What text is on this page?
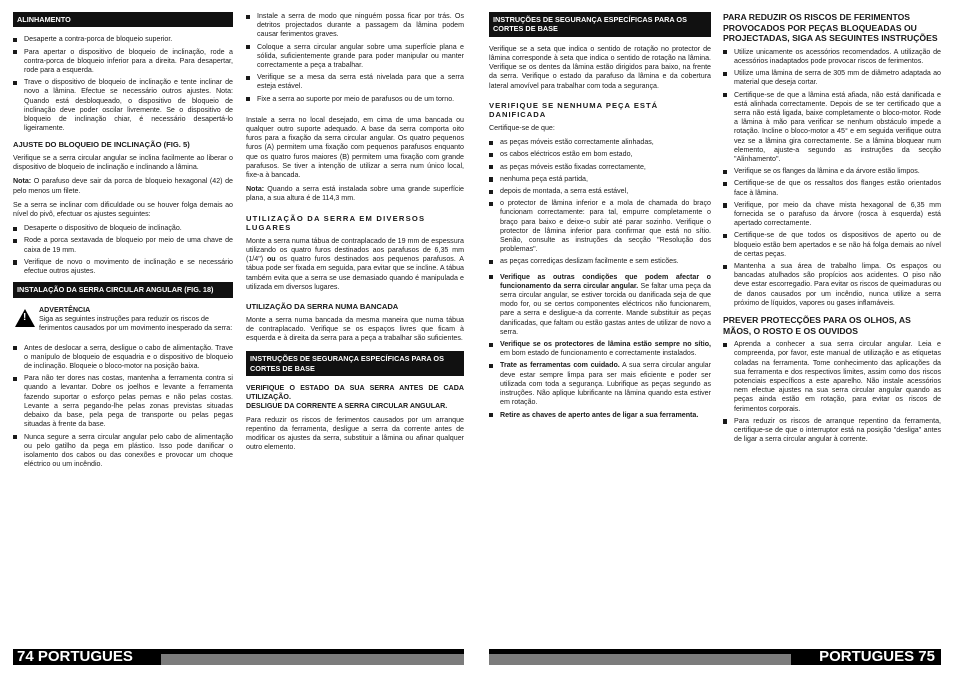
ALINHAMENTO
Desaperte a contra-porca de bloqueio superior.
Para apertar o dispositivo de bloqueio de inclinação, rode a contra-porca de bloqueio inferior para a direita. Para desapertar, rode para a esquerda.
Trave o dispositivo de bloqueio de inclinação e tente inclinar de novo a lâmina. Efectue se necessário outros ajustes. Nota: Quando está desbloqueado, o dispositivo de bloqueio de inclinação deve poder oscilar livremente. Se o dispositivo de bloqueio de inclinação chiar, é necessário desapertá-lo ligeiramente.
AJUSTE DO BLOQUEIO DE INCLINAÇÃO (FIG. 5)

Verifique se a serra circular angular se inclina facilmente ao liberar o dispositivo de bloqueio de inclinação e inclinando a lâmina.

Nota: O parafuso deve sair da porca de bloqueio hexagonal (42) de pelo menos um filete.

Se a serra se inclinar com dificuldade ou se houver folga demais ao nível do pivô, efectuar os ajustes seguintes:

Desaperte o dispositivo de bloqueio de inclinação.
Rode a porca sextavada de bloqueio por meio de uma chave de caixa de 19 mm.
Verifique de novo o movimento de inclinação e se necessário efectue outros ajustes.
INSTALAÇÃO DA SERRA CIRCULAR ANGULAR (FIG. 18)
!
ADVERTÊNCIA
Siga as seguintes instruções para reduzir os riscos de ferimentos causados por um movimento inesperado da serra:
Antes de deslocar a serra, desligue o cabo de alimentação. Trave o manípulo de bloqueio de esquadria e o dispositivo de bloqueio de inclinação. Bloqueie o bloco-motor na posição baixa.
Para não ter dores nas costas, mantenha a ferramenta contra si quando a levantar. Dobre os joelhos e levante a ferramenta fazendo suportar o esforço pelas pernas e não pelas costas. Levante a serra pegando-lhe pelas zonas previstas situadas debaixo da base, pela pega de transporte ou pelas pegas situadas à frente da base.
Nunca segure a serra circular angular pelo cabo de alimentação ou pelo gatilho da pega em plástico. Isso pode danificar o isolamento dos cabos ou das conexões e provocar um choque eléctrico ou um incêndio.
Instale a serra de modo que ninguém possa ficar por trás. Os detritos projectados durante a passagem da lâmina podem causar ferimentos graves.
Coloque a serra circular angular sobre uma superfície plana e sólida, suficientemente grande para poder manipular ou manter correctamente a peça a trabalhar.
Verifique se a mesa da serra está nivelada para que a serra esteja estável.
Fixe a serra ao suporte por meio de parafusos ou de um torno.

Instale a serra no local desejado, em cima de uma bancada ou qualquer outro suporte adequado. A base da serra comporta oito furos para a fixação da serra circular angular. Os quatro pequenos furos (A) permitem uma fixação com pequenos parafusos enquanto que os quatro furos maiores (B) permitem uma fixação com grande parafusos. Se tiver a intenção de utilizar a serra num único local, fixe-a à bancada.

Nota: Quando a serra está instalada sobre uma grande superfície plana, a sua altura é de 114,3 mm.

UTILIZAÇÃO DA SERRA EM DIVERSOS LUGARES

Monte a serra numa tábua de contraplacado de 19 mm de espessura utilizando os quatro furos destinados aos parafusos de 6,35 mm (1/4") ou os quatro furos destinados aos pequenos parafusos. A tábua pode ser fixada em seguida, para evitar que se incline. A tábua também evita que a serra se use demasiado quando é manipulada e utilizada em diversos lugares.

UTILIZAÇÃO DA SERRA NUMA BANCADA

Monte a serra numa bancada da mesma maneira que numa tábua de contraplacado. Verifique se os espaços livres que ficam à esquerda e à direita da serra para a peça a trabalhar são suficientes.

INSTRUÇÕES DE SEGURANÇA ESPECÍFICAS PARA OS CORTES DE BASE

VERIFIQUE O ESTADO DA SUA SERRA ANTES DE CADA UTILIZAÇÃO.
DESLIGUE DA CORRENTE A SERRA CIRCULAR ANGULAR.

Para reduzir os riscos de ferimentos causados por um arranque repentino da ferramenta, desligue a serra da corrente antes de modificar os ajustes da serra, substituir a lâmina ou afinar qualquer outro elemento.

INSTRUÇÕES DE SEGURANÇA ESPECÍFICAS PARA OS CORTES DE BASE

Verifique se a seta que indica o sentido de rotação no protector de lâmina corresponde à seta que indica o sentido de rotação na lâmina. Verifique se os dentes da lâmina estão dirigidos para baixo, na frente da serra. Verifique o estado da parafuso da lâmina e da cobertura lateral amovível para trabalhar com toda a segurança.

VERIFIQUE SE NENHUMA PEÇA ESTÁ DANIFICADA

Certifique-se de que:

as peças móveis estão correctamente alinhadas,
os cabos eléctricos estão em bom estado,
as peças móveis estão fixadas correctamente,
nenhuma peça está partida,
depois de montada, a serra está estável,
o protector de lâmina inferior e a mola de chamada do braço funcionam correctamente: para tal, empurre completamente o braço para baixo e deixe-o subir até parar sozinho. Verifique o protector de lâmina inferior para confirmar que está no sítio. Senão, consulte as instruções da secção "Resolução dos problemas".
as peças corrediças deslizam facilmente e sem esticões.
Verifique as outras condições que podem afectar o funcionamento da serra circular angular. Se faltar uma peça da serra circular angular, se estiver torcida ou danificada seja de que modo for, ou se certos componentes eléctricos não funcionarem, pare a serra e desligue-a da corrente. Mande substituir as peças danificadas, que faltam ou estão gastas antes de utilizar de novo a serra.
Verifique se os protectores de lâmina estão sempre no sítio, em bom estado de funcionamento e correctamente instalados.
Trate as ferramentas com cuidado. A sua serra circular angular deve estar sempre limpa para ser mais eficiente e poder ser utilizada com toda a segurança. Lubrifique as peças segundo as instruções. Não aplique lubrificante na lâmina quando esta estiver em rotação.
Retire as chaves de aperto antes de ligar a sua ferramenta.
PARA REDUZIR OS RISCOS DE FERIMENTOS PROVOCADOS POR PEÇAS BLOQUEADAS OU PROJECTADAS, SIGA AS SEGUINTES INSTRUÇÕES
Utilize unicamente os acessórios recomendados. A utilização de acessórios inadaptados pode provocar riscos de ferimentos.
Utilize uma lâmina de serra de 305 mm de diâmetro adaptada ao material que deseja cortar.
Certifique-se de que a lâmina está afiada, não está danificada e está alinhada correctamente. Depois de se ter certificado que a serra não está ligada, baixe completamente o bloco-motor. Rode a lâmina à mão para verificar se nenhum obstáculo impede a rotação. Incline o bloco-motor a 45° e em seguida verifique outra vez se a lâmina gira correctamente. Se a lâmina bloquear num elemento, ajuste-a segundo as instruções da secção "Alinhamento".
Verifique se os flanges da lâmina e da árvore estão limpos.
Certifique-se de que os ressaltos dos flanges estão orientados face à lâmina.
Verifique, por meio da chave mista hexagonal de 6,35 mm fornecida se o parafuso da árvore (rosca à esquerda) está apertado correctamente.
Certifique-se de que todos os dispositivos de aperto ou de bloqueio estão bem apertados e se não há folga demais ao nível de certas peças.
Mantenha a sua área de trabalho limpa. Os espaços ou bancadas atulhados são propícios aos acidentes. O piso não deve estar escorregadio. Para evitar os riscos de queimaduras ou de danos causados por um incêndio, nunca utilize a serra próximo de líquidos, vapores ou gases inflamáveis.
PREVER PROTECÇÕES PARA OS OLHOS, AS MÃOS, O ROSTO E OS OUVIDOS
Aprenda a conhecer a sua serra circular angular. Leia e compreenda, por favor, este manual de utilização e as etiquetas coladas na ferramenta. Tome conhecimento das aplicações da sua ferramenta e dos respectivos limites, assim como dos riscos potenciais específicos a este aparelho. Não instale acessórios nem efectue ajustes na sua serra circular angular quando as peças ainda estão em rotação, para evitar os riscos de ferimentos corporais.
Para reduzir os riscos de arranque repentino da ferramenta, certifique-se de que o interruptor está na posição "desliga" antes de ligar a serra circular angular à corrente.
74 PORTUGUES	PORTUGUES 75
